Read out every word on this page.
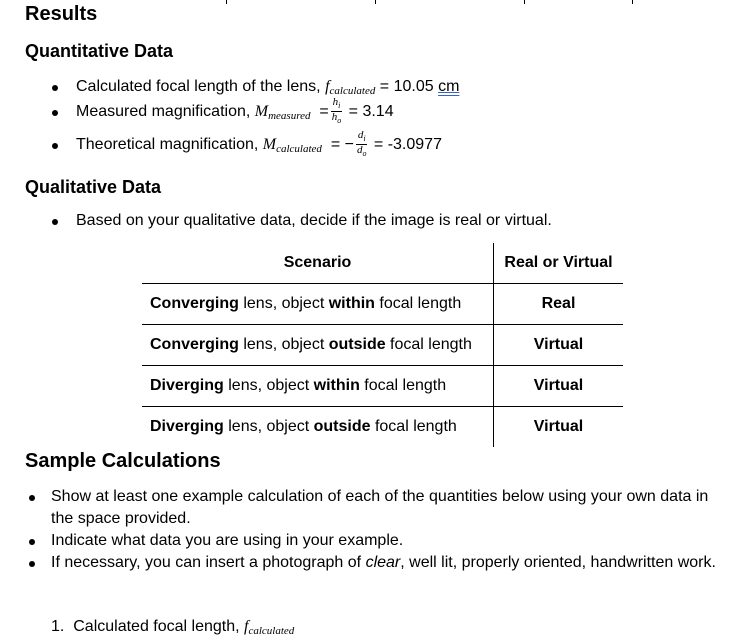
Results
Quantitative Data
Calculated focal length of the lens, fcalculated = 10.05 cm
Measured magnification, Mmeasured  = $\frac{h_i}{h_o} = 3.14$
Theoretical magnification, Mcalculated  = − $\frac{d_i}{d_o} = -3.0977$
Qualitative Data
Based on your qualitative data, decide if the image is real or virtual.
Scenario	Real or Virtual
Converging lens, object within focal length	Real
Converging lens, object outside focal length	Virtual
Diverging lens, object within focal length	Virtual
Diverging lens, object outside focal length	Virtual
Sample Calculations
Show at least one example calculation of each of the quantities below using your own data in
the space provided.
Indicate what data you are using in your example.
If necessary, you can insert a photograph of clear, well lit, properly oriented, handwritten work.
1. Calculated focal length, fcalculated
